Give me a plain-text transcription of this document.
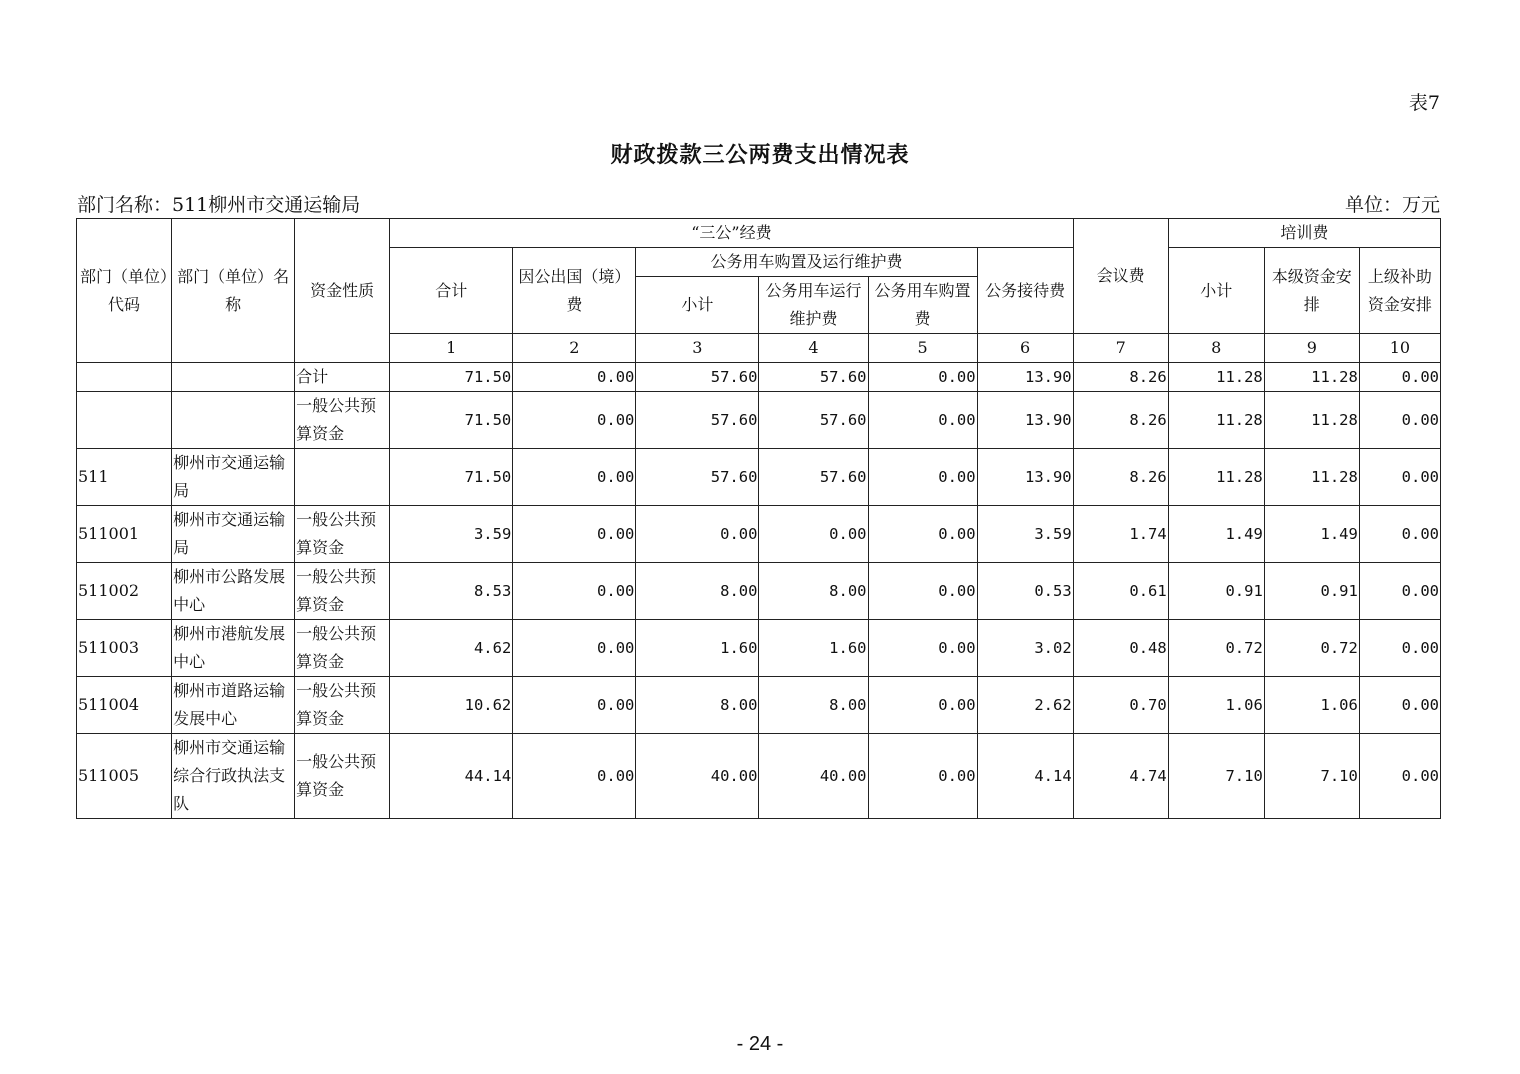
表7
财政拨款三公两费支出情况表
部门名称：511柳州市交通运输局	单位：万元
部门（单位）代码	部门（单位）名称	资金性质	“三公”经费						会议费	培训费		
			合计	因公出国（境）费	公务用车购置及运行维护费			公务接待费		小计	本级资金安排	上级补助资金安排
					小计	公务用车运行维护费	公务用车购置费					
			1	2	3	4	5	6	7	8	9	10
		合计	71.50	0.00	57.60	57.60	0.00	13.90	8.26	11.28	11.28	0.00
		一般公共预算资金	71.50	0.00	57.60	57.60	0.00	13.90	8.26	11.28	11.28	0.00
511	柳州市交通运输局		71.50	0.00	57.60	57.60	0.00	13.90	8.26	11.28	11.28	0.00
511001	柳州市交通运输局	一般公共预算资金	3.59	0.00	0.00	0.00	0.00	3.59	1.74	1.49	1.49	0.00
511002	柳州市公路发展中心	一般公共预算资金	8.53	0.00	8.00	8.00	0.00	0.53	0.61	0.91	0.91	0.00
511003	柳州市港航发展中心	一般公共预算资金	4.62	0.00	1.60	1.60	0.00	3.02	0.48	0.72	0.72	0.00
511004	柳州市道路运输发展中心	一般公共预算资金	10.62	0.00	8.00	8.00	0.00	2.62	0.70	1.06	1.06	0.00
511005	柳州市交通运输综合行政执法支队	一般公共预算资金	44.14	0.00	40.00	40.00	0.00	4.14	4.74	7.10	7.10	0.00
- 24 -
